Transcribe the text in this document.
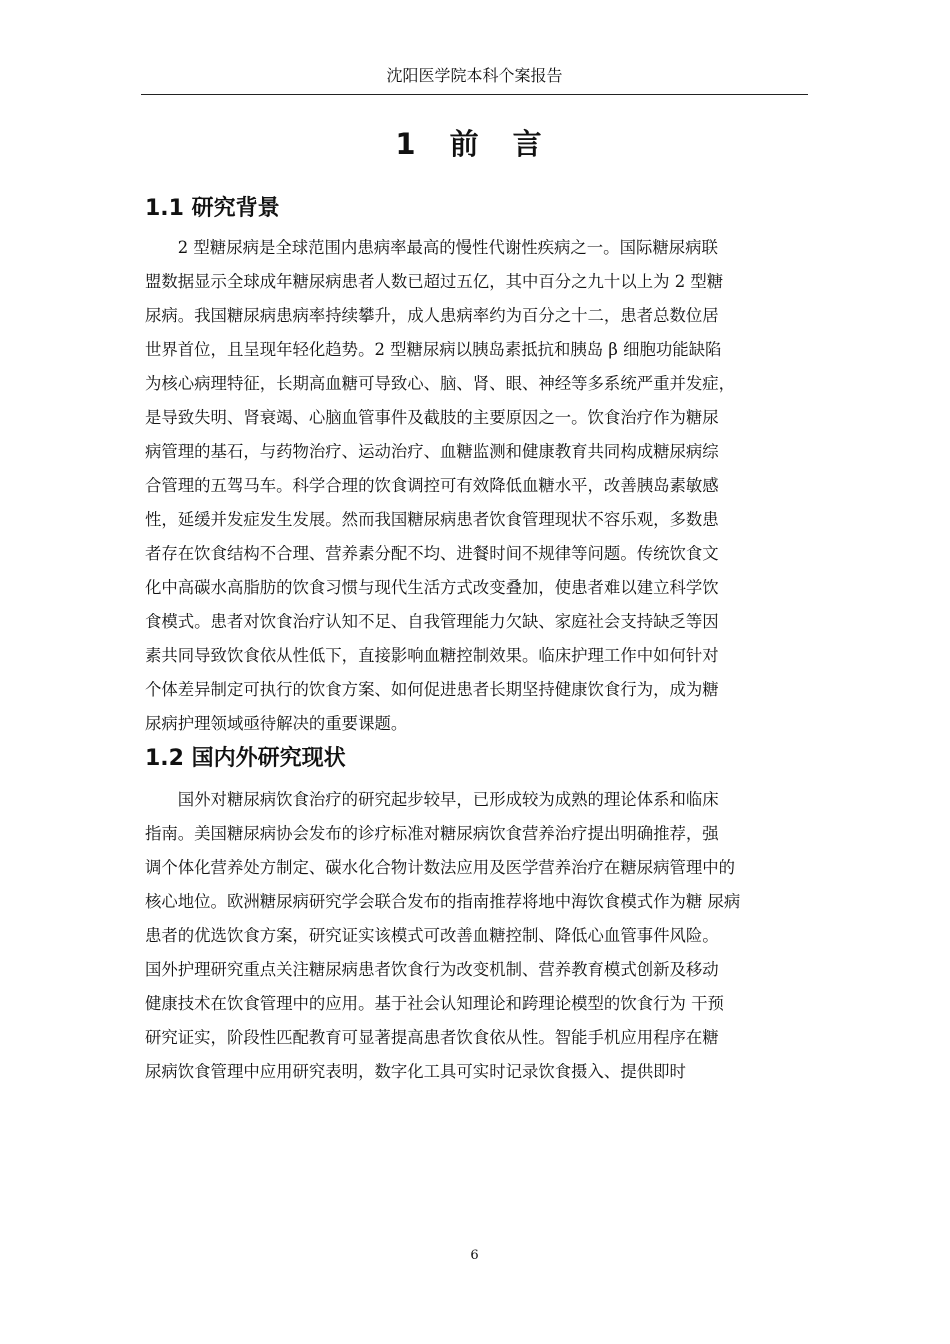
沈阳医学院本科个案报告
1 前 言
1.1 研究背景
　　2 型糖尿病是全球范围内患病率最高的慢性代谢性疾病之一。国际糖尿病联
盟数据显示全球成年糖尿病患者人数已超过五亿，其中百分之九十以上为 2 型糖
尿病。我国糖尿病患病率持续攀升，成人患病率约为百分之十二，患者总数位居
世界首位，且呈现年轻化趋势。2 型糖尿病以胰岛素抵抗和胰岛 β 细胞功能缺陷
为核心病理特征，长期高血糖可导致心、脑、肾、眼、神经等多系统严重并发症，
是导致失明、肾衰竭、心脑血管事件及截肢的主要原因之一。饮食治疗作为糖尿
病管理的基石，与药物治疗、运动治疗、血糖监测和健康教育共同构成糖尿病综
合管理的五驾马车。科学合理的饮食调控可有效降低血糖水平，改善胰岛素敏感
性，延缓并发症发生发展。然而我国糖尿病患者饮食管理现状不容乐观，多数患
者存在饮食结构不合理、营养素分配不均、进餐时间不规律等问题。传统饮食文
化中高碳水高脂肪的饮食习惯与现代生活方式改变叠加，使患者难以建立科学饮
食模式。患者对饮食治疗认知不足、自我管理能力欠缺、家庭社会支持缺乏等因
素共同导致饮食依从性低下，直接影响血糖控制效果。临床护理工作中如何针对
个体差异制定可执行的饮食方案、如何促进患者长期坚持健康饮食行为，成为糖
尿病护理领域亟待解决的重要课题。
1.2 国内外研究现状
　　国外对糖尿病饮食治疗的研究起步较早，已形成较为成熟的理论体系和临床
指南。美国糖尿病协会发布的诊疗标准对糖尿病饮食营养治疗提出明确推荐，强
调个体化营养处方制定、碳水化合物计数法应用及医学营养治疗在糖尿病管理中的
核心地位。欧洲糖尿病研究学会联合发布的指南推荐将地中海饮食模式作为糖 尿病
患者的优选饮食方案，研究证实该模式可改善血糖控制、降低心血管事件风险。
国外护理研究重点关注糖尿病患者饮食行为改变机制、营养教育模式创新及移动
健康技术在饮食管理中的应用。基于社会认知理论和跨理论模型的饮食行为 干预
研究证实，阶段性匹配教育可显著提高患者饮食依从性。智能手机应用程序在糖
尿病饮食管理中应用研究表明，数字化工具可实时记录饮食摄入、提供即时
6
